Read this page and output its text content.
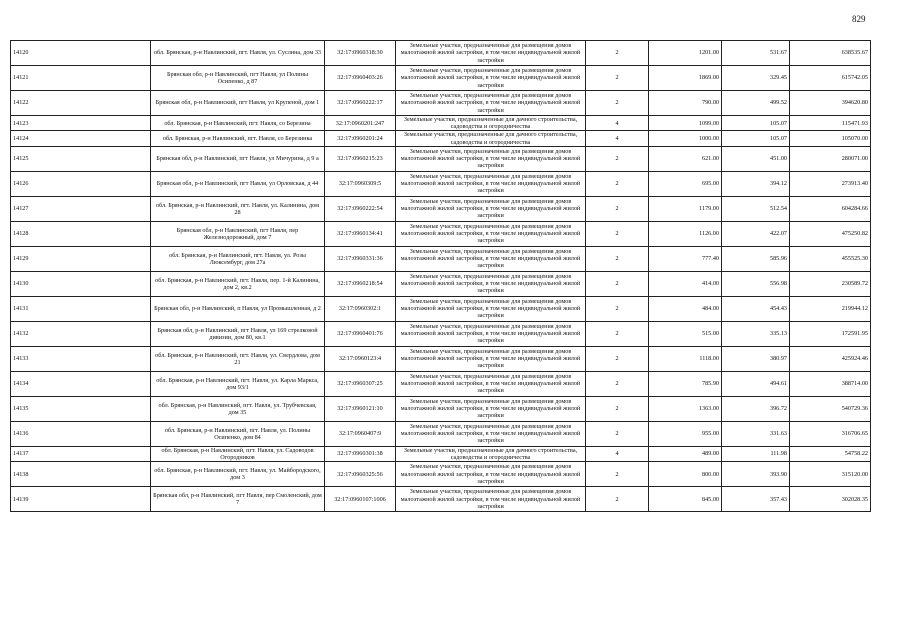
829
14120	обл. Брянская, р-н Навлинский, пгт. Навля, ул. Суслина, дом 33	32:17:0960318:30	Земельные участки, предназначенные для размещения домов малоэтажной жилой застройки, в том числе индивидуальной жилой застройки	2	1201.00	531.67	638535.67
14121	Брянская обл, р-н Навлинский, пгт Навля, ул Полины Осипенко, д 87	32:17:0960403:26	Земельные участки, предназначенные для размещения домов малоэтажной жилой застройки, в том числе индивидуальной жилой застройки	2	1869.00	329.45	615742.05
14122	Брянская обл, р-н Навлинский, пгт Навля, ул Крупеной, дом 1	32:17:0960222:17	Земельные участки, предназначенные для размещения домов малоэтажной жилой застройки, в том числе индивидуальной жилой застройки	2	790.00	499.52	394620.80
14123	обл. Брянская, р-н Навлинский, пгт. Навля, со Березина	32:17:0960201:247	Земельные участки, предназначенные для дачного строительства, садоводства и огородничества	4	1099.00	105.07	115471.93
14124	обл. Брянская, р-н Навлинский, пгт. Навля, со Березинка	32:17:0960201:24	Земельные участки, предназначенные для дачного строительства, садоводства и огородничества	4	1000.00	105.07	105070.00
14125	Брянская обл, р-н Навлинский, пгт Навля, ул Мичурина, д 9 а	32:17:0960215:23	Земельные участки, предназначенные для размещения домов малоэтажной жилой застройки, в том числе индивидуальной жилой застройки	2	621.00	451.00	280071.00
14126	Брянская обл, р-н Навлинский, пгт Навля, ул Орловская, д 44	32:17:0960309:5	Земельные участки, предназначенные для размещения домов малоэтажной жилой застройки, в том числе индивидуальной жилой застройки	2	695.00	394.12	273913.40
14127	обл. Брянская, р-н Навлинский, пгт. Навля, ул. Калинина, дом 28	32:17:0960222:54	Земельные участки, предназначенные для размещения домов малоэтажной жилой застройки, в том числе индивидуальной жилой застройки	2	1179.00	512.54	604284.66
14128	Брянская обл, р-н Навлинский, пгт Навля, пер Железнодорожный, дом 7	32:17:0960134:41	Земельные участки, предназначенные для размещения домов малоэтажной жилой застройки, в том числе индивидуальной жилой застройки	2	1126.00	422.07	475250.82
14129	обл. Брянская, р-н Навлинский, пгт. Навля, ул. Розы Люксембург, дом 27а	32:17:0960331:36	Земельные участки, предназначенные для размещения домов малоэтажной жилой застройки, в том числе индивидуальной жилой застройки	2	777.40	585.96	455525.30
14130	обл. Брянская, р-н Навлинский, пгт. Навля, пер. 1-й Калинина, дом 2, кв.2	32:17:0960218:54	Земельные участки, предназначенные для размещения домов малоэтажной жилой застройки, в том числе индивидуальной жилой застройки	2	414.00	556.98	230589.72
14131	Брянская обл, р-н Навлинский, п Навля, ул Промышленная, д 2	32:17:0960302:1	Земельные участки, предназначенные для размещения домов малоэтажной жилой застройки, в том числе индивидуальной жилой застройки	2	484.00	454.43	219944.12
14132	Брянская обл, р-н Навлинский, пгт Навля, ул 169 стрелковой дивизии, дом 80, кв.1	32:17:0960401:76	Земельные участки, предназначенные для размещения домов малоэтажной жилой застройки, в том числе индивидуальной жилой застройки	2	515.00	335.13	172591.95
14133	обл. Брянская, р-н Навлинский, пгт. Навля, ул. Свердлова, дом 21	32:17:0960123:4	Земельные участки, предназначенные для размещения домов малоэтажной жилой застройки, в том числе индивидуальной жилой застройки	2	1118.00	380.97	425924.46
14134	обл. Брянская, р-н Навлинский, пгт. Навля, ул. Карла Маркса, дом 93/1	32:17:0960307:25	Земельные участки, предназначенные для размещения домов малоэтажной жилой застройки, в том числе индивидуальной жилой застройки	2	785.90	494.61	388714.00
14135	обл. Брянская, р-н Навлинский, пгт. Навля, ул. Трубчевская, дом 35	32:17:0960121:10	Земельные участки, предназначенные для размещения домов малоэтажной жилой застройки, в том числе индивидуальной жилой застройки	2	1363.00	396.72	540729.36
14136	обл. Брянская, р-н Навлинский, пгт. Навля, ул. Полины Осипенко, дом 84	32:17:0960407:9	Земельные участки, предназначенные для размещения домов малоэтажной жилой застройки, в том числе индивидуальной жилой застройки	2	955.00	331.63	316706.65
14137	обл. Брянская, р-н Навлинский, пгт. Навля, ул. Садоводов Огородников	32:17:0960301:38	Земельные участки, предназначенные для дачного строительства, садоводства и огородничества	4	489.00	111.98	54758.22
14138	обл. Брянская, р-н Навлинский, пгт. Навля, ул. Майбородского, дом 3	32:17:0960325:56	Земельные участки, предназначенные для размещения домов малоэтажной жилой застройки, в том числе индивидуальной жилой застройки	2	800.00	393.90	315120.00
14139	Брянская обл, р-н Навлинский, пгт Навля, пер Смоленский, дом 7	32:17:0960107:1006	Земельные участки, предназначенные для размещения домов малоэтажной жилой застройки, в том числе индивидуальной жилой застройки	2	845.00	357.43	302028.35
